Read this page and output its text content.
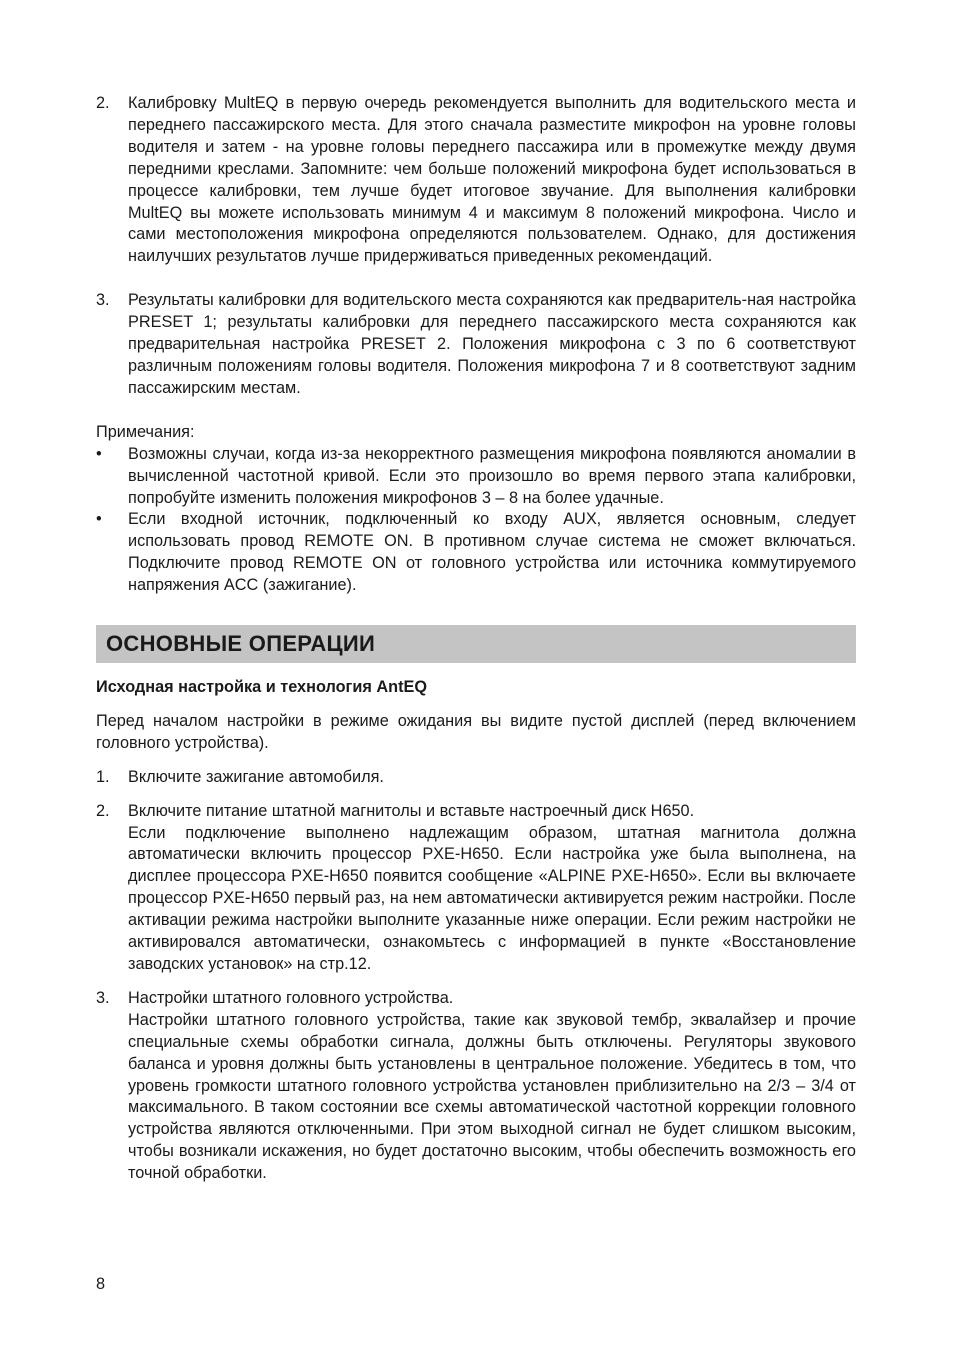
2.	Калибровку MultEQ в первую очередь рекомендуется выполнить для водительского места и переднего пассажирского места. Для этого сначала разместите микрофон на уровне головы водителя и затем - на уровне головы переднего пассажира или в промежутке между двумя передними креслами. Запомните: чем больше положений микрофона будет использоваться в процессе калибровки, тем лучше будет итоговое звучание. Для выполнения калибровки MultEQ вы можете использовать минимум 4 и максимум 8 положений микрофона. Число и сами местоположения микрофона определяются пользователем. Однако, для достижения наилучших результатов лучше придерживаться приведенных рекомендаций.
3.	Результаты калибровки для водительского места сохраняются как предваритель-ная настройка PRESET 1; результаты калибровки для переднего пассажирского места сохраняются как предварительная настройка PRESET 2. Положения микрофона с 3 по 6 соответствуют различным положениям головы водителя. Положения микрофона 7 и 8 соответствуют задним пассажирским местам.
Примечания:
•	Возможны случаи, когда из-за некорректного размещения микрофона появляются аномалии в вычисленной частотной кривой. Если это произошло во время первого этапа калибровки, попробуйте изменить положения микрофонов 3 – 8 на более удачные.
•	Если входной источник, подключенный ко входу AUX, является основным, следует использовать провод REMOTE ON. В противном случае система не сможет включаться. Подключите провод REMOTE ON от головного устройства или источника коммутируемого напряжения ACC (зажигание).
ОСНОВНЫЕ ОПЕРАЦИИ
Исходная настройка и технология AntEQ
Перед началом настройки в режиме ожидания вы видите пустой дисплей (перед включением головного устройства).
1.	Включите зажигание автомобиля.
2.	Включите питание штатной магнитолы и вставьте настроечный диск H650.
Если подключение выполнено надлежащим образом, штатная магнитола должна автоматически включить процессор PXE-H650. Если настройка уже была выполнена, на дисплее процессора PXE-H650 появится сообщение «ALPINE PXE-H650». Если вы включаете процессор PXE-H650 первый раз, на нем автоматически активируется режим настройки. После активации режима настройки выполните указанные ниже операции. Если режим настройки не активировался автоматически, ознакомьтесь с информацией в пункте «Восстановление заводских установок» на стр.12.
3.	Настройки штатного головного устройства.
Настройки штатного головного устройства, такие как звуковой тембр, эквалайзер и прочие специальные схемы обработки сигнала, должны быть отключены. Регуляторы звукового баланса и уровня должны быть установлены в центральное положение. Убедитесь в том, что уровень громкости штатного головного устройства установлен приблизительно на 2/3 – 3/4 от максимального. В таком состоянии все схемы автоматической частотной коррекции головного устройства являются отключенными. При этом выходной сигнал не будет слишком высоким, чтобы возникали искажения, но будет достаточно высоким, чтобы обеспечить возможность его точной обработки.
8
